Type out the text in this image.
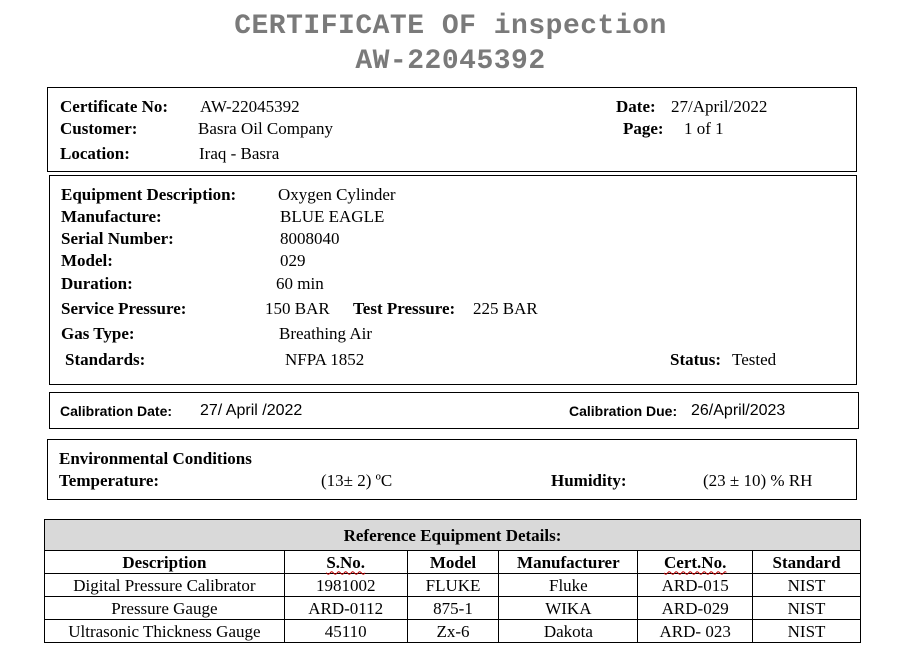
CERTIFICATE OF inspection
AW-22045392
Certificate No: AW-22045392
Customer:	Basra Oil Company
Location:	Iraq - Basra
Date: 27/April/2022
Page: 1 of 1
Equipment Description: Oxygen Cylinder
Manufacture:	BLUE EAGLE
Serial Number:	8008040
Model:	029
Duration:	60 min
Service Pressure:	150 BAR Test Pressure: 225 BAR
Gas Type:	Breathing Air
Standards:	NFPA 1852	Status: Tested
Calibration Date: 27/ April /2022	Calibration Due: 26/April/2023
Environmental Conditions
Temperature:	(13± 2) ºC	Humidity:	(23 ± 10) % RH
Reference Equipment Details:					
Description	S.No.	Model	Manufacturer	Cert.No.	Standard
Digital Pressure Calibrator	1981002	FLUKE	Fluke	ARD-015	NIST
Pressure Gauge	ARD-0112	875-1	WIKA	ARD-029	NIST
Ultrasonic Thickness Gauge	45110	Zx-6	Dakota	ARD- 023	NIST
